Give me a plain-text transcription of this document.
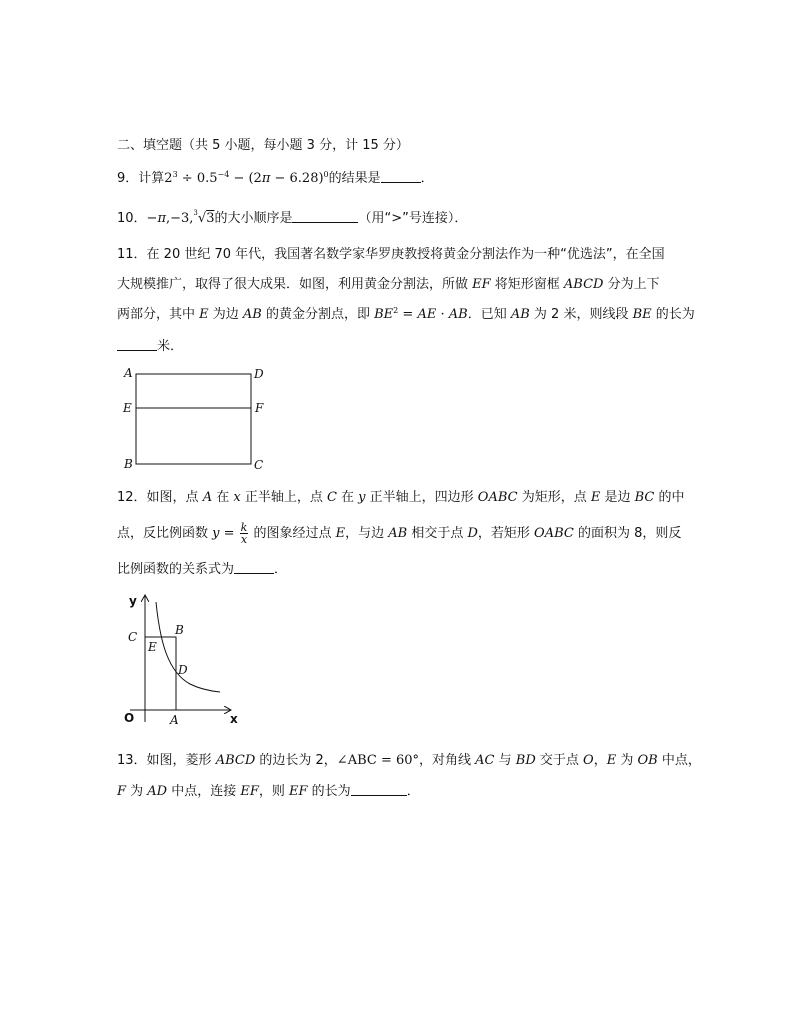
二、填空题（共 5 小题，每小题 3 分，计 15 分）
9．计算$2^3 \div 0.5^{-4} - (2\pi - 6.28)^0$的结果是	．
10．−π,−3,$^3$√3的大小顺序是	（用“>”号连接）．
11．在 20 世纪 70 年代，我国著名数学家华罗庚教授将黄金分割法作为一种“优选法”，在全国
大规模推广，取得了很大成果．如图，利用黄金分割法，所做 EF 将矩形窗框 ABCD 分为上下
两部分，其中 E 为边 AB 的黄金分割点，即 $BE^2$ = AE · AB．已知 AB 为 2 米，则线段 BE 的长为
米．
A	D
E	F
B	C
12．如图，点 A 在 x 正半轴上，点 C 在 y 正半轴上，四边形 OABC 为矩形，点 E 是边 BC 的中
点，反比例函数 $y = \frac{k}{x}$ 的图象经过点 E，与边 AB 相交于点 D，若矩形 OABC 的面积为 8，则反
比例函数的关系式为	．
y
x
O	A
B
C
D
E
13．如图，菱形 ABCD 的边长为 2，∠ABC = 60°，对角线 AC 与 BD 交于点 O，E 为 OB 中点，
F 为 AD 中点，连接 EF，则 EF 的长为	．
